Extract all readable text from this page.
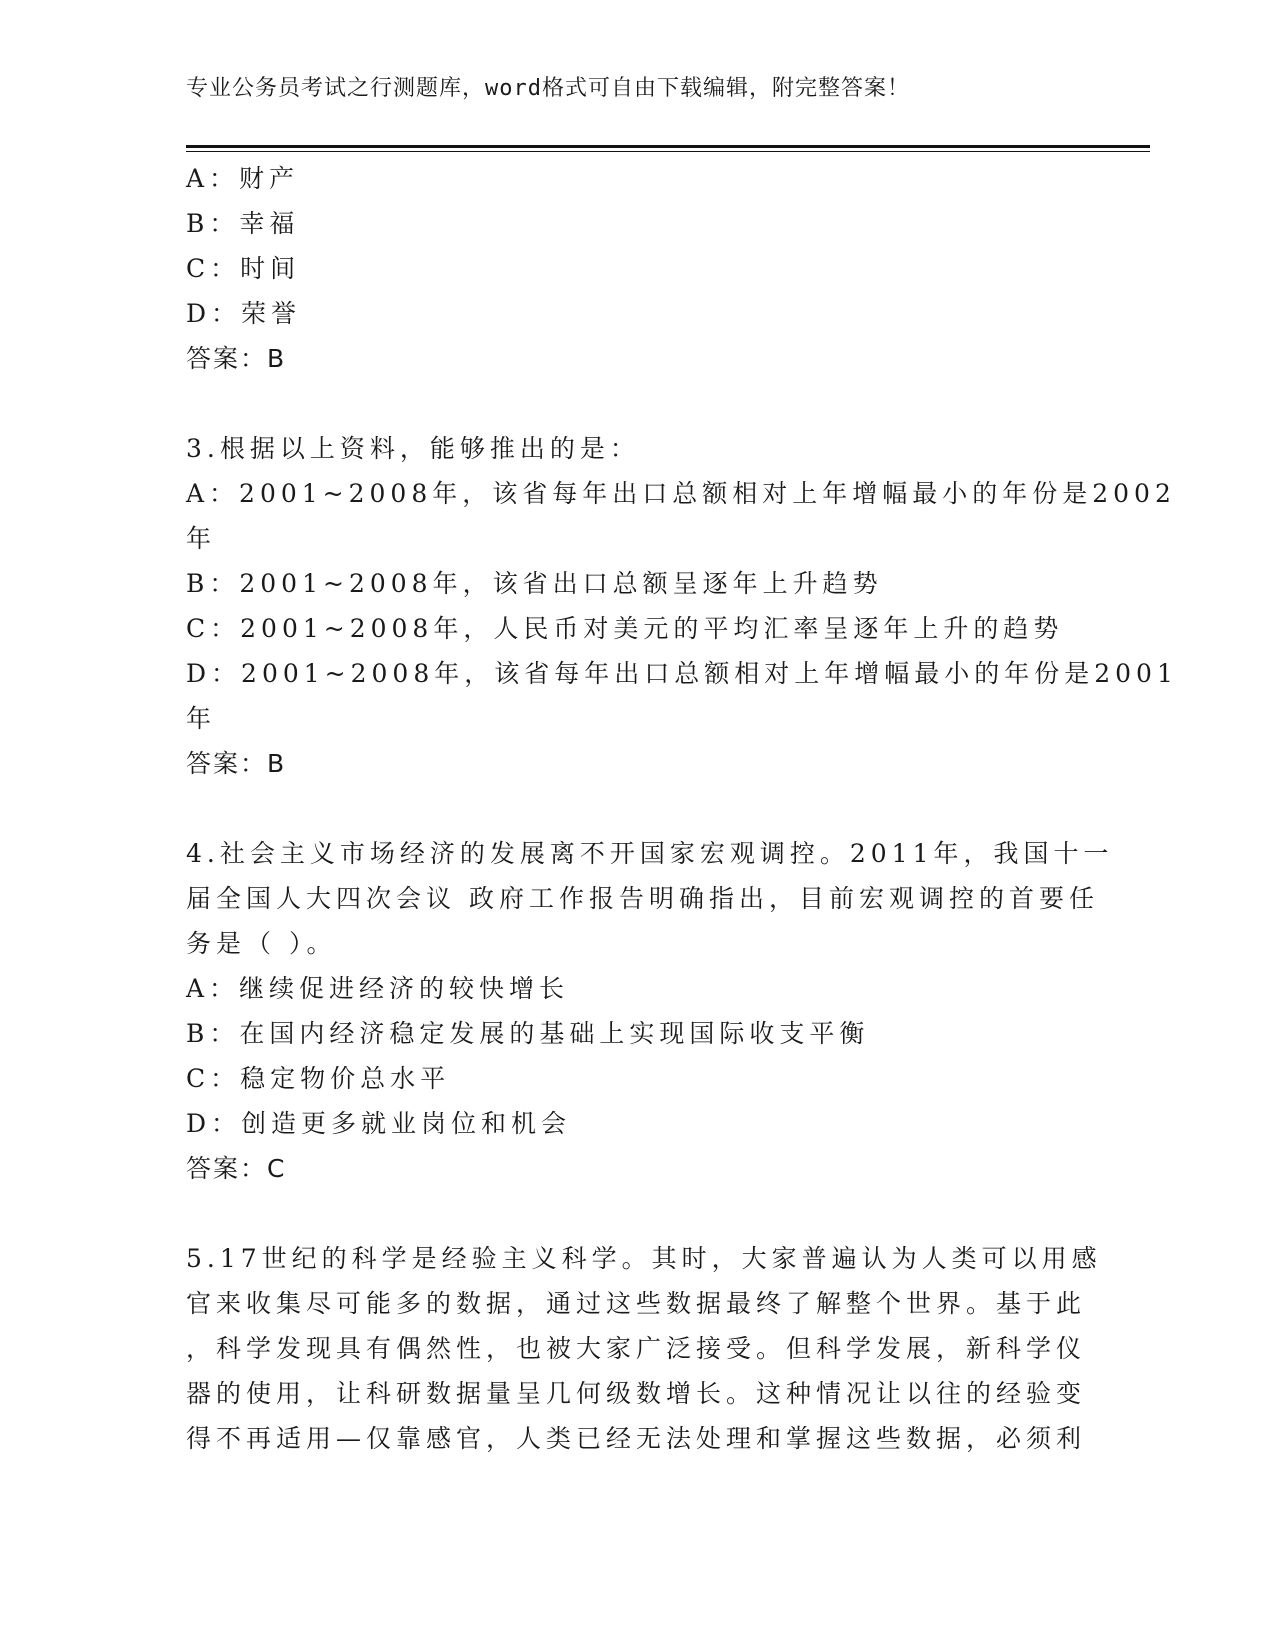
专业公务员考试之行测题库，word格式可自由下载编辑，附完整答案！
A：财产
B：幸福
C：时间
D：荣誉
答案：B
3.根据以上资料，能够推出的是：
A：2001~2008年，该省每年出口总额相对上年增幅最小的年份是2002
年
B：2001~2008年，该省出口总额呈逐年上升趋势
C：2001~2008年，人民币对美元的平均汇率呈逐年上升的趋势
D：2001~2008年，该省每年出口总额相对上年增幅最小的年份是2001
年
答案：B
4.社会主义市场经济的发展离不开国家宏观调控。2011年，我国十一
届全国人大四次会议 政府工作报告明确指出，目前宏观调控的首要任
务是（ ）。
A：继续促进经济的较快增长
B：在国内经济稳定发展的基础上实现国际收支平衡
C：稳定物价总水平
D：创造更多就业岗位和机会
答案：C
5.17世纪的科学是经验主义科学。其时，大家普遍认为人类可以用感
官来收集尽可能多的数据，通过这些数据最终了解整个世界。基于此
，科学发现具有偶然性，也被大家广泛接受。但科学发展，新科学仪
器的使用，让科研数据量呈几何级数增长。这种情况让以往的经验变
得不再适用—仅靠感官，人类已经无法处理和掌握这些数据，必须利
